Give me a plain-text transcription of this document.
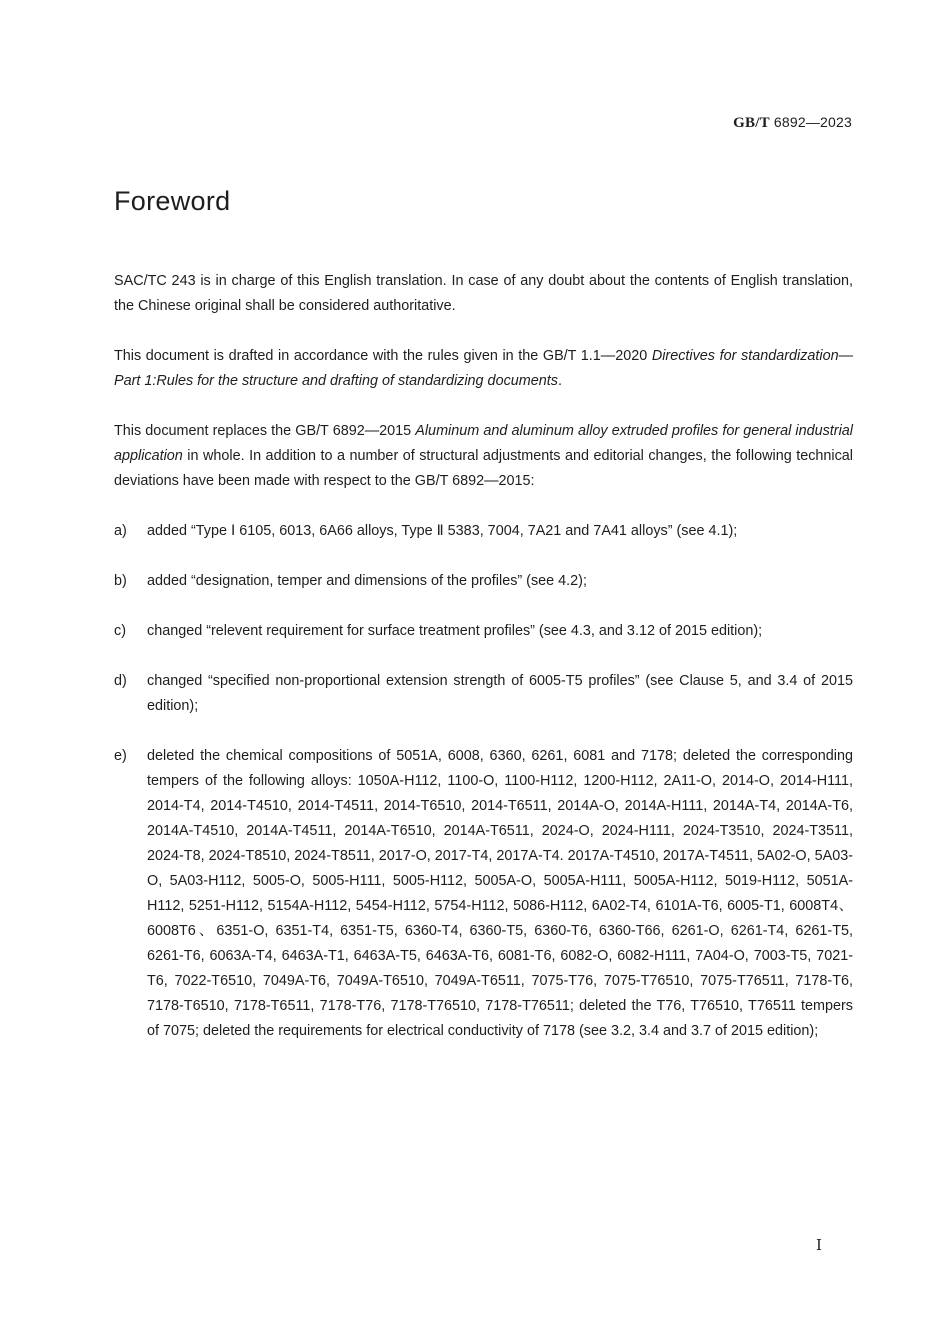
GB/T 6892—2023
Foreword

SAC/TC 243 is in charge of this English translation. In case of any doubt about the contents of English translation, the Chinese original shall be considered authoritative.

This document is drafted in accordance with the rules given in the GB/T 1.1—2020 Directives for standardization—Part 1:Rules for the structure and drafting of standardizing documents.

This document replaces the GB/T 6892—2015 Aluminum and aluminum alloy extruded profiles for general industrial application in whole. In addition to a number of structural adjustments and editorial changes, the following technical deviations have been made with respect to the GB/T 6892—2015:

a) added “Type Ⅰ 6105, 6013, 6A66 alloys, Type Ⅱ 5383, 7004, 7A21 and 7A41 alloys” (see 4.1);
b) added “designation, temper and dimensions of the profiles” (see 4.2);
c) changed “relevent requirement for surface treatment profiles” (see 4.3, and 3.12 of 2015 edition);
d) changed “specified non-proportional extension strength of 6005-T5 profiles” (see Clause 5, and 3.4 of 2015 edition);
e) deleted the chemical compositions of 5051A, 6008, 6360, 6261, 6081 and 7178; deleted the corresponding tempers of the following alloys: 1050A-H112, 1100-O, 1100-H112, 1200-H112, 2A11-O, 2014-O, 2014-H111, 2014-T4, 2014-T4510, 2014-T4511, 2014-T6510, 2014-T6511, 2014A-O, 2014A-H111, 2014A-T4, 2014A-T6, 2014A-T4510, 2014A-T4511, 2014A-T6510, 2014A-T6511, 2024-O, 2024-H111, 2024-T3510, 2024-T3511, 2024-T8, 2024-T8510, 2024-T8511, 2017-O, 2017-T4, 2017A-T4. 2017A-T4510, 2017A-T4511, 5A02-O, 5A03-O, 5A03-H112, 5005-O, 5005-H111, 5005-H112, 5005A-O, 5005A-H111, 5005A-H112, 5019-H112, 5051A-H112, 5251-H112, 5154A-H112, 5454-H112, 5754-H112, 5086-H112, 6A02-T4, 6101A-T6, 6005-T1, 6008T4、6008T6、6351-O, 6351-T4, 6351-T5, 6360-T4, 6360-T5, 6360-T6, 6360-T66, 6261-O, 6261-T4, 6261-T5, 6261-T6, 6063A-T4, 6463A-T1, 6463A-T5, 6463A-T6, 6081-T6, 6082-O, 6082-H111, 7A04-O, 7003-T5, 7021-T6, 7022-T6510, 7049A-T6, 7049A-T6510, 7049A-T6511, 7075-T76, 7075-T76510, 7075-T76511, 7178-T6, 7178-T6510, 7178-T6511, 7178-T76, 7178-T76510, 7178-T76511; deleted the T76, T76510, T76511 tempers of 7075; deleted the requirements for electrical conductivity of 7178 (see 3.2, 3.4 and 3.7 of 2015 edition);
Ⅰ
